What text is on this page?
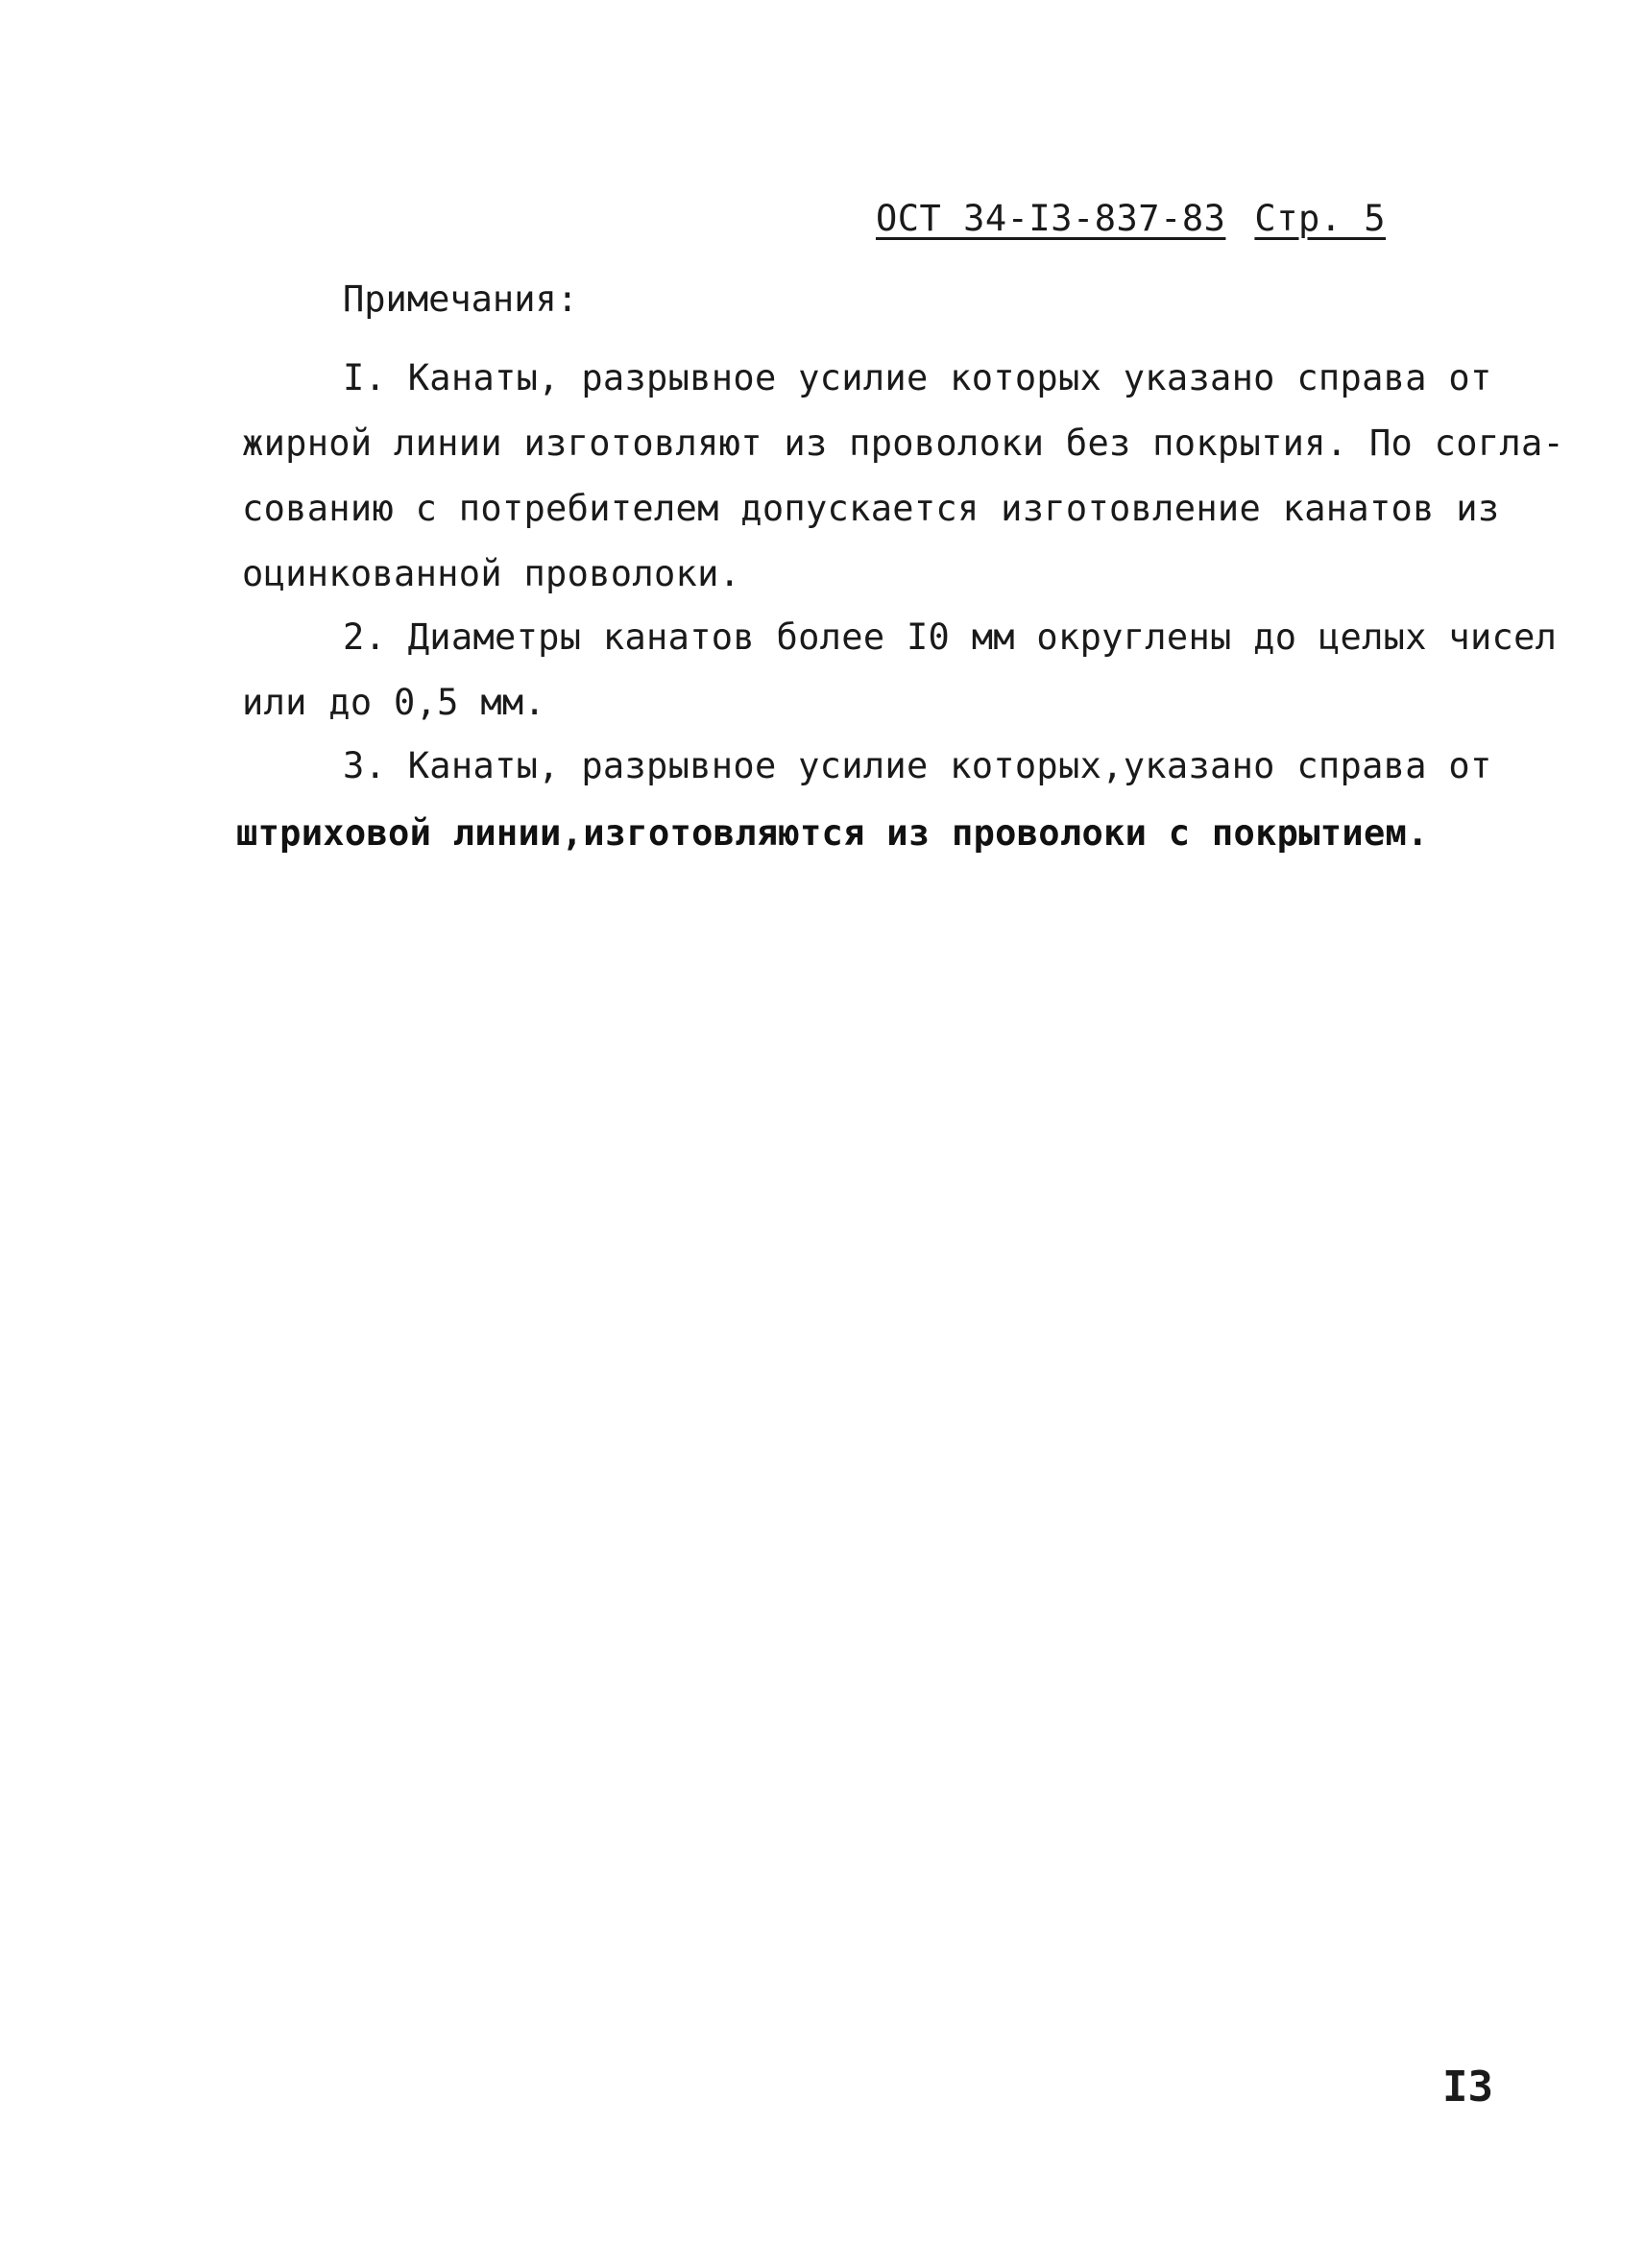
ОСТ 34-I3-837-83 Стр. 5
Примечания:
I. Канаты, разрывное усилие которых указано справа от
жирной линии изготовляют из проволоки без покрытия. По согла-
сованию с потребителем допускается изготовление канатов из
оцинкованной проволоки.
2. Диаметры канатов более I0 мм округлены до целых чисел
или до 0,5 мм.
3. Канаты, разрывное усилие которых,указано справа от
штриховой линии,изготовляются из проволоки с покрытием.
I3
